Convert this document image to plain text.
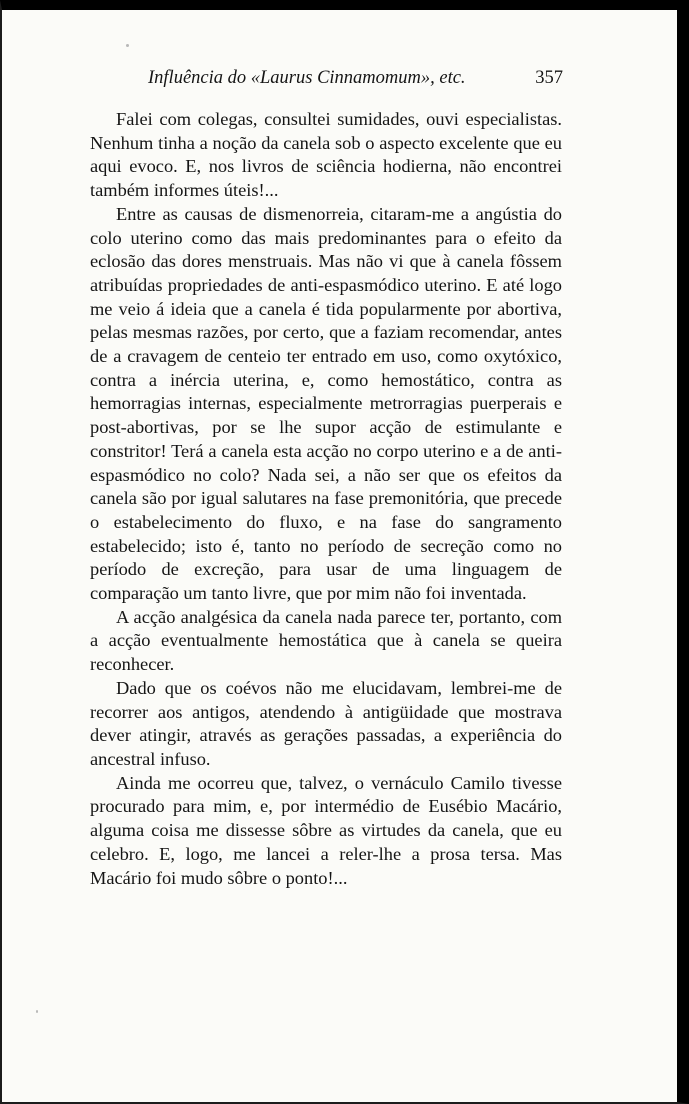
Influência do «Laurus Cinnamomum», etc.	357

Falei com colegas, consultei sumidades, ouvi especialistas. Nenhum tinha a noção da canela sob o aspecto excelente que eu aqui evoco. E, nos livros de sciência hodierna, não encontrei também informes úteis!...

Entre as causas de dismenorreia, citaram-me a angústia do colo uterino como das mais predominantes para o efeito da eclosão das dores menstruais. Mas não vi que à canela fôssem atribuídas propriedades de anti-espasmódico uterino. E até logo me veio á ideia que a canela é tida popularmente por abortiva, pelas mesmas razões, por certo, que a faziam recomendar, antes de a cravagem de centeio ter entrado em uso, como oxytóxico, contra a inércia uterina, e, como hemostático, contra as hemorragias internas, especialmente metrorragias puerperais e post-abortivas, por se lhe supor acção de estimulante e constritor! Terá a canela esta acção no corpo uterino e a de anti-espasmódico no colo? Nada sei, a não ser que os efeitos da canela são por igual salutares na fase premonitória, que precede o estabelecimento do fluxo, e na fase do sangramento estabelecido; isto é, tanto no período de secreção como no período de excreção, para usar de uma linguagem de comparação um tanto livre, que por mim não foi inventada.

A acção analgésica da canela nada parece ter, portanto, com a acção eventualmente hemostática que à canela se queira reconhecer.

Dado que os coévos não me elucidavam, lembrei-me de recorrer aos antigos, atendendo à antigüidade que mostrava dever atingir, através as gerações passadas, a experiência do ancestral infuso.

Ainda me ocorreu que, talvez, o vernáculo Camilo tivesse procurado para mim, e, por intermédio de Eusébio Macário, alguma coisa me dissesse sôbre as virtudes da canela, que eu celebro. E, logo, me lancei a reler-lhe a prosa tersa. Mas Macário foi mudo sôbre o ponto!...
